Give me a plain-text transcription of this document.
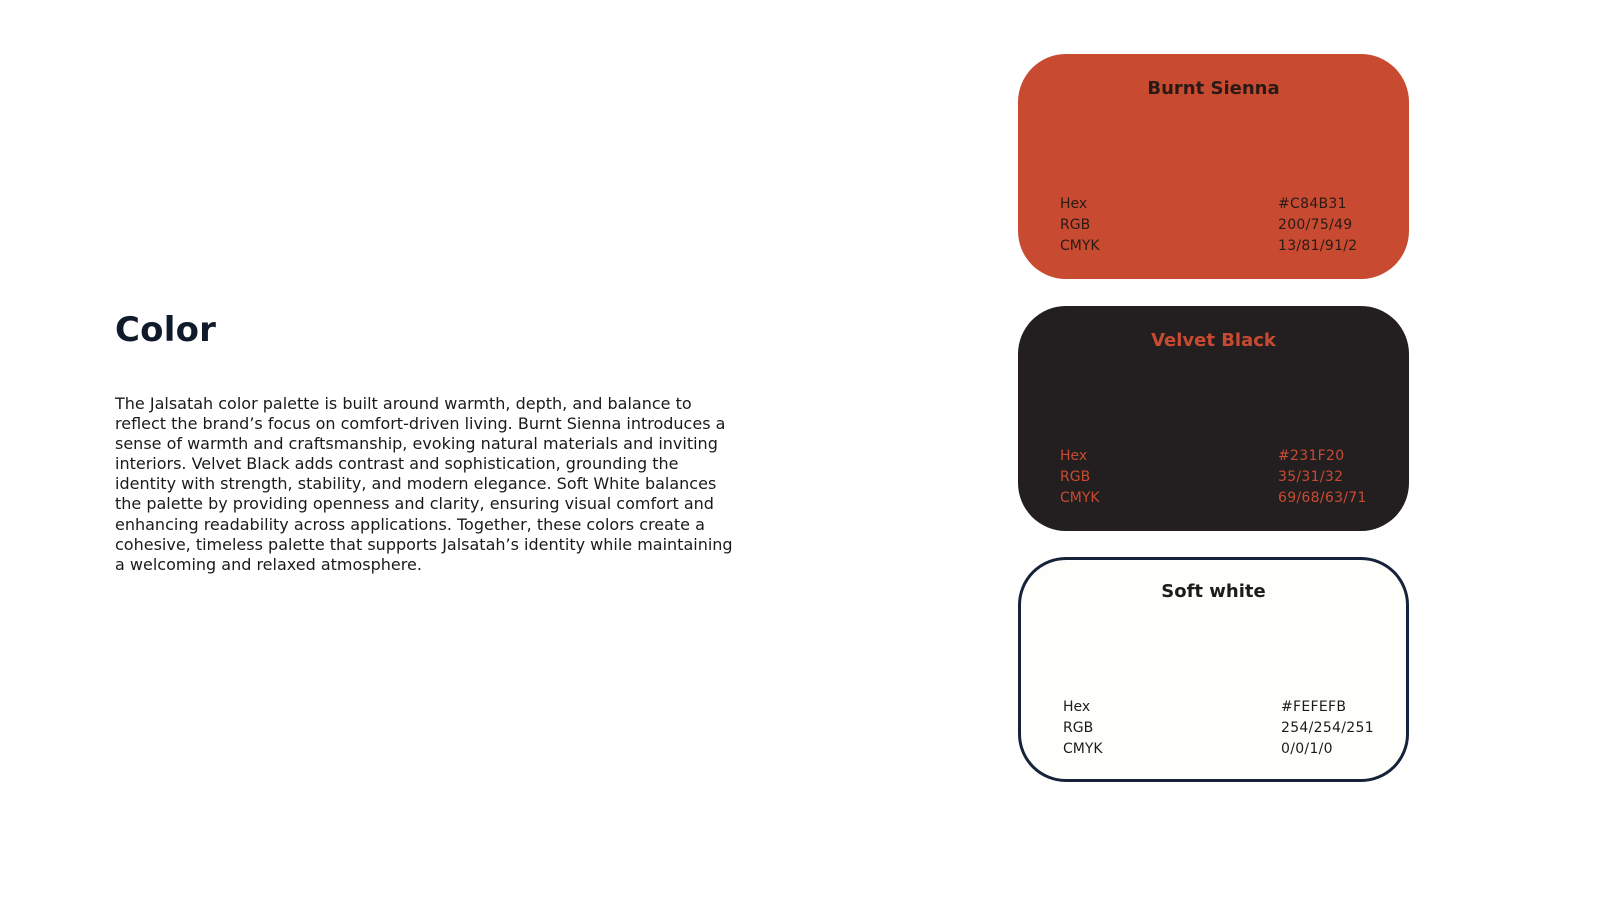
Color

The Jalsatah color palette is built around warmth, depth, and balance to reflect the brand’s focus on comfort-driven living. Burnt Sienna introduces a sense of warmth and craftsmanship, evoking natural materials and inviting interiors. Velvet Black adds contrast and sophistication, grounding the identity with strength, stability, and modern elegance. Soft White balances the palette by providing openness and clarity, ensuring visual comfort and enhancing readability across applications. Together, these colors create a cohesive, timeless palette that supports Jalsatah’s identity while maintaining a welcoming and relaxed atmosphere.

Burnt Sienna

Hex
RGB
CMYK
#C84B31
200/75/49
13/81/91/2

Velvet Black

Hex
RGB
CMYK
#231F20
35/31/32
69/68/63/71

Soft white

Hex
RGB
CMYK
#FEFEFB
254/254/251
0/0/1/0
